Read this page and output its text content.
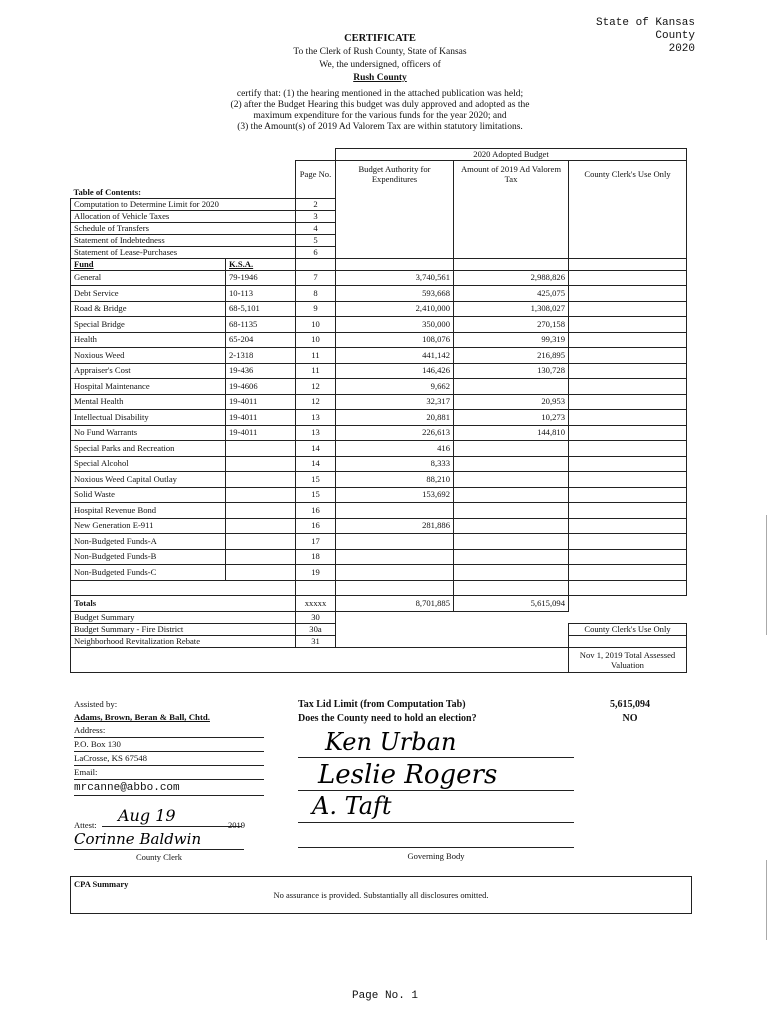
State of Kansas
County
2020
CERTIFICATE
To the Clerk of Rush County, State of Kansas
We, the undersigned, officers of
Rush County
certify that: (1) the hearing mentioned in the attached publication was held;
(2) after the Budget Hearing this budget was duly approved and adopted as the
maximum expenditure for the various funds for the year 2020; and
(3) the Amount(s) of 2019 Ad Valorem Tax are within statutory limitations.
			2020 Adopted Budget		
		Page No.	Budget Authority for Expenditures	Amount of 2019 Ad Valorem Tax	County Clerk's Use Only
Table of Contents:					
Computation to Determine Limit for 2020		2			
Allocation of Vehicle Taxes		3			
Schedule of Transfers		4			
Statement of Indebtedness		5			
Statement of Lease-Purchases		6			
Fund	K.S.A.				
General	79-1946	7	3,740,561	2,988,826	
Debt Service	10-113	8	593,668	425,075	
Road & Bridge	68-5,101	9	2,410,000	1,308,027	
Special Bridge	68-1135	10	350,000	270,158	
Health	65-204	10	108,076	99,319	
Noxious Weed	2-1318	11	441,142	216,895	
Appraiser's Cost	19-436	11	146,426	130,728	
Hospital Maintenance	19-4606	12	9,662		
Mental Health	19-4011	12	32,317	20,953	
Intellectual Disability	19-4011	13	20,881	10,273	
No Fund Warrants	19-4011	13	226,613	144,810	
Special Parks and Recreation		14	416		
Special Alcohol		14	8,333		
Noxious Weed Capital Outlay		15	88,210		
Solid Waste		15	153,692		
Hospital Revenue Bond		16			
New Generation E-911		16	281,886		
Non-Budgeted Funds-A		17			
Non-Budgeted Funds-B		18			
Non-Budgeted Funds-C		19			

Totals		xxxxx	8,701,885	5,615,094	
Budget Summary		30			
Budget Summary - Fire District		30a			County Clerk's Use Only
Neighborhood Revitalization Rebate		31			
					Nov 1, 2019 Total Assessed Valuation
Assisted by:
Adams, Brown, Beran & Ball, Chtd.
Address:
P.O. Box 130
LaCrosse, KS 67548
Email:
mrcanne@abbo.com
Attest: Aug 19	2019
Corinne Baldwin
County Clerk
Tax Lid Limit (from Computation Tab)	5,615,094
Does the County need to hold an election?	NO
Ken Urban
Leslie Rogers
A. Taft
Governing Body
CPA Summary
No assurance is provided. Substantially all disclosures omitted.
Page No. 1
